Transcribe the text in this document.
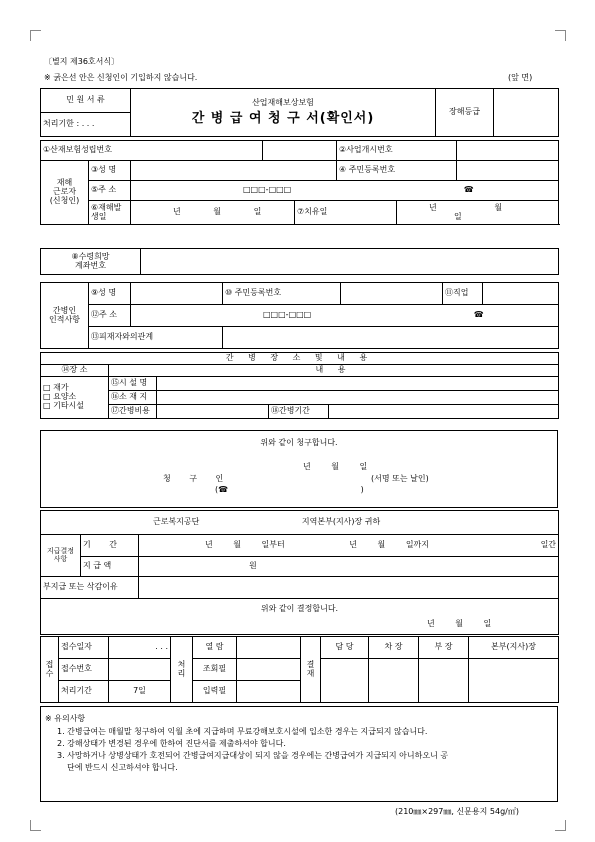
〔별지 제36호서식〕
※ 굵은선 안은 신청인이 기입하지 않습니다.	(앞 면)
민 원 서 류	산업재해보상보험
간 병 급 여 청 구 서(확인서)	장해등급	
처리기한 : . . .
①산재보험성립번호					②사업개시번호		
재해
근로자
(신청인)	③성 명				④ 주민등록번호		
	⑤주 소	□□□-□□□ ☎					
	⑥재해발생일	년 월 일		⑦치유일		년 월 일	
⑧수령희망
계좌번호	
간병인
인적사항	⑨성 명		⑩ 주민등록번호		⑪직업	
	⑫주 소	□□□-□□□ ☎				
	⑬피재자와의관계					
간 병 장 소 및 내 용				
⑭장 소	내 용			

□ 재가
□ 요양소
□ 기타시설	⑮시 설 명			
	⑯소 재 지			
	⑰간병비용		⑱간병기간	
위와 같이 청구합니다.
년 월 일
청 구 인	(서명 또는 날인)
(☎ )
근로복지공단 지역본부(지사)장 귀하		
지급결정
사항	기 간	년 월 일부터 년 월 일까지 일간

	지 급 액	원
부지급 또는 삭감이유		

위와 같이 결정합니다.
년 월 일		
접
수	접수일자	. . .	처
리	열 람		결
재	담 당	차 장	부 장	본부(지사)장
	접수번호			조회필						
	처리기간	7일		입력필						
※ 유의사항
1. 간병급여는 매월말 청구하여 익월 초에 지급하며 무료강해보호시설에 입소한 경우는 지급되지 않습니다.
2. 강해상태가 변경된 경우에 한하여 진단서를 제출하셔야 합니다.
3. 사망하거나 상병상태가 호전되어 간병급여지급대상이 되지 않을 경우에는 간병급여가 지급되지 아니하오니 공
단에 반드시 신고하셔야 합니다.
(210㎜×297㎜, 신문용지 54g/㎡)
